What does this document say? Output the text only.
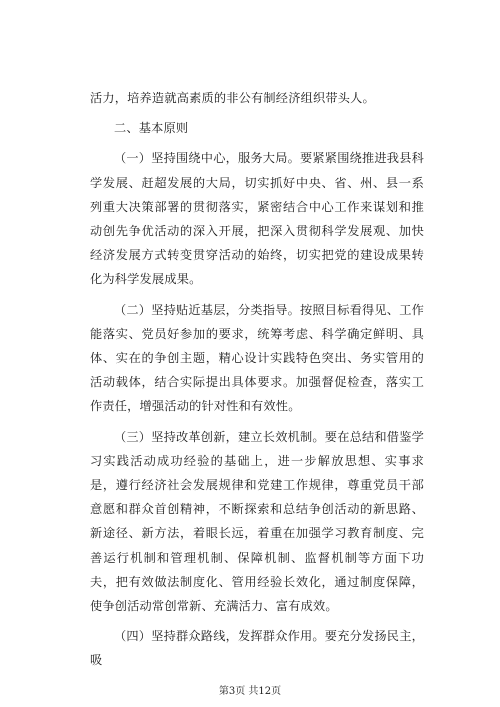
活力，培养造就高素质的非公有制经济组织带头人。

二、基本原则

（一）坚持围绕中心，服务大局。要紧紧围绕推进我县科学发展、赶超发展的大局，切实抓好中央、省、州、县一系列重大决策部署的贯彻落实，紧密结合中心工作来谋划和推动创先争优活动的深入开展，把深入贯彻科学发展观、加快经济发展方式转变贯穿活动的始终，切实把党的建设成果转化为科学发展成果。

（二）坚持贴近基层，分类指导。按照目标看得见、工作能落实、党员好参加的要求，统筹考虑、科学确定鲜明、具体、实在的争创主题，精心设计实践特色突出、务实管用的活动载体，结合实际提出具体要求。加强督促检查，落实工作责任，增强活动的针对性和有效性。

（三）坚持改革创新，建立长效机制。要在总结和借鉴学习实践活动成功经验的基础上，进一步解放思想、实事求是，遵行经济社会发展规律和党建工作规律，尊重党员干部意愿和群众首创精神，不断探索和总结争创活动的新思路、新途径、新方法，着眼长远，着重在加强学习教育制度、完善运行机制和管理机制、保障机制、监督机制等方面下功夫，把有效做法制度化、管用经验长效化，通过制度保障，使争创活动常创常新、充满活力、富有成效。

（四）坚持群众路线，发挥群众作用。要充分发扬民主，吸

第3页 共12页
